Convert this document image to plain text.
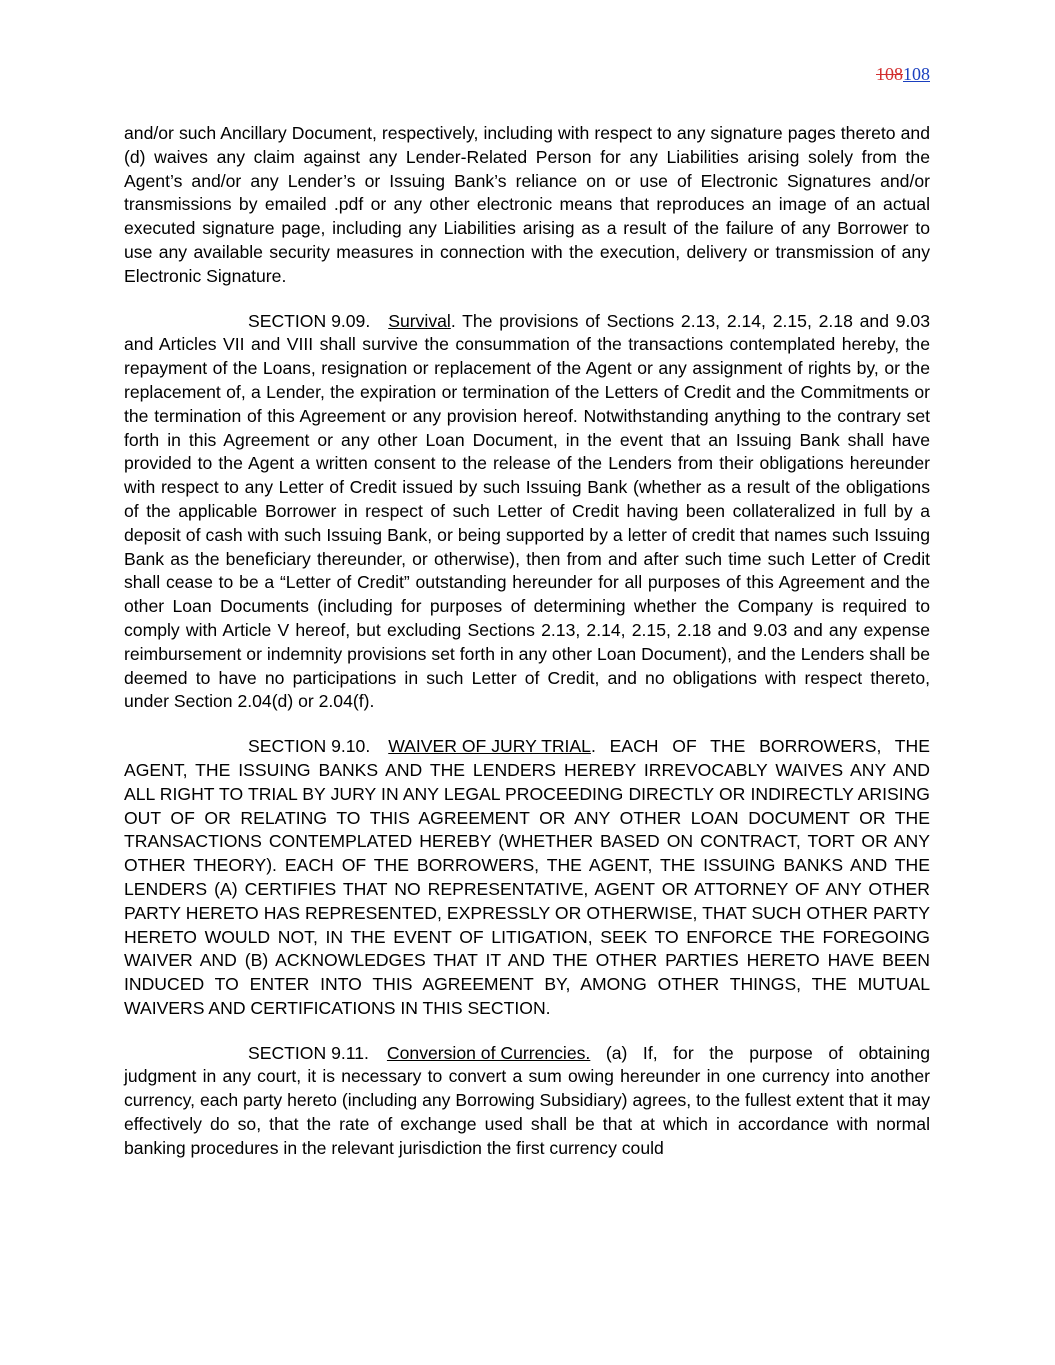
108108

and/or such Ancillary Document, respectively, including with respect to any signature pages thereto and (d) waives any claim against any Lender-Related Person for any Liabilities arising solely from the Agent’s and/or any Lender’s or Issuing Bank’s reliance on or use of Electronic Signatures and/or transmissions by emailed .pdf or any other electronic means that reproduces an image of an actual executed signature page, including any Liabilities arising as a result of the failure of any Borrower to use any available security measures in connection with the execution, delivery or transmission of any Electronic Signature.

SECTION 9.09. Survival. The provisions of Sections 2.13, 2.14, 2.15, 2.18 and 9.03 and Articles VII and VIII shall survive the consummation of the transactions contemplated hereby, the repayment of the Loans, resignation or replacement of the Agent or any assignment of rights by, or the replacement of, a Lender, the expiration or termination of the Letters of Credit and the Commitments or the termination of this Agreement or any provision hereof. Notwithstanding anything to the contrary set forth in this Agreement or any other Loan Document, in the event that an Issuing Bank shall have provided to the Agent a written consent to the release of the Lenders from their obligations hereunder with respect to any Letter of Credit issued by such Issuing Bank (whether as a result of the obligations of the applicable Borrower in respect of such Letter of Credit having been collateralized in full by a deposit of cash with such Issuing Bank, or being supported by a letter of credit that names such Issuing Bank as the beneficiary thereunder, or otherwise), then from and after such time such Letter of Credit shall cease to be a “Letter of Credit” outstanding hereunder for all purposes of this Agreement and the other Loan Documents (including for purposes of determining whether the Company is required to comply with Article V hereof, but excluding Sections 2.13, 2.14, 2.15, 2.18 and 9.03 and any expense reimbursement or indemnity provisions set forth in any other Loan Document), and the Lenders shall be deemed to have no participations in such Letter of Credit, and no obligations with respect thereto, under Section 2.04(d) or 2.04(f).

SECTION 9.10. WAIVER OF JURY TRIAL. EACH OF THE BORROWERS, THE AGENT, THE ISSUING BANKS AND THE LENDERS HEREBY IRREVOCABLY WAIVES ANY AND ALL RIGHT TO TRIAL BY JURY IN ANY LEGAL PROCEEDING DIRECTLY OR INDIRECTLY ARISING OUT OF OR RELATING TO THIS AGREEMENT OR ANY OTHER LOAN DOCUMENT OR THE TRANSACTIONS CONTEMPLATED HEREBY (WHETHER BASED ON CONTRACT, TORT OR ANY OTHER THEORY). EACH OF THE BORROWERS, THE AGENT, THE ISSUING BANKS AND THE LENDERS (A) CERTIFIES THAT NO REPRESENTATIVE, AGENT OR ATTORNEY OF ANY OTHER PARTY HERETO HAS REPRESENTED, EXPRESSLY OR OTHERWISE, THAT SUCH OTHER PARTY HERETO WOULD NOT, IN THE EVENT OF LITIGATION, SEEK TO ENFORCE THE FOREGOING WAIVER AND (B) ACKNOWLEDGES THAT IT AND THE OTHER PARTIES HERETO HAVE BEEN INDUCED TO ENTER INTO THIS AGREEMENT BY, AMONG OTHER THINGS, THE MUTUAL WAIVERS AND CERTIFICATIONS IN THIS SECTION.

SECTION 9.11. Conversion of Currencies. (a) If, for the purpose of obtaining judgment in any court, it is necessary to convert a sum owing hereunder in one currency into another currency, each party hereto (including any Borrowing Subsidiary) agrees, to the fullest extent that it may effectively do so, that the rate of exchange used shall be that at which in accordance with normal banking procedures in the relevant jurisdiction the first currency could
